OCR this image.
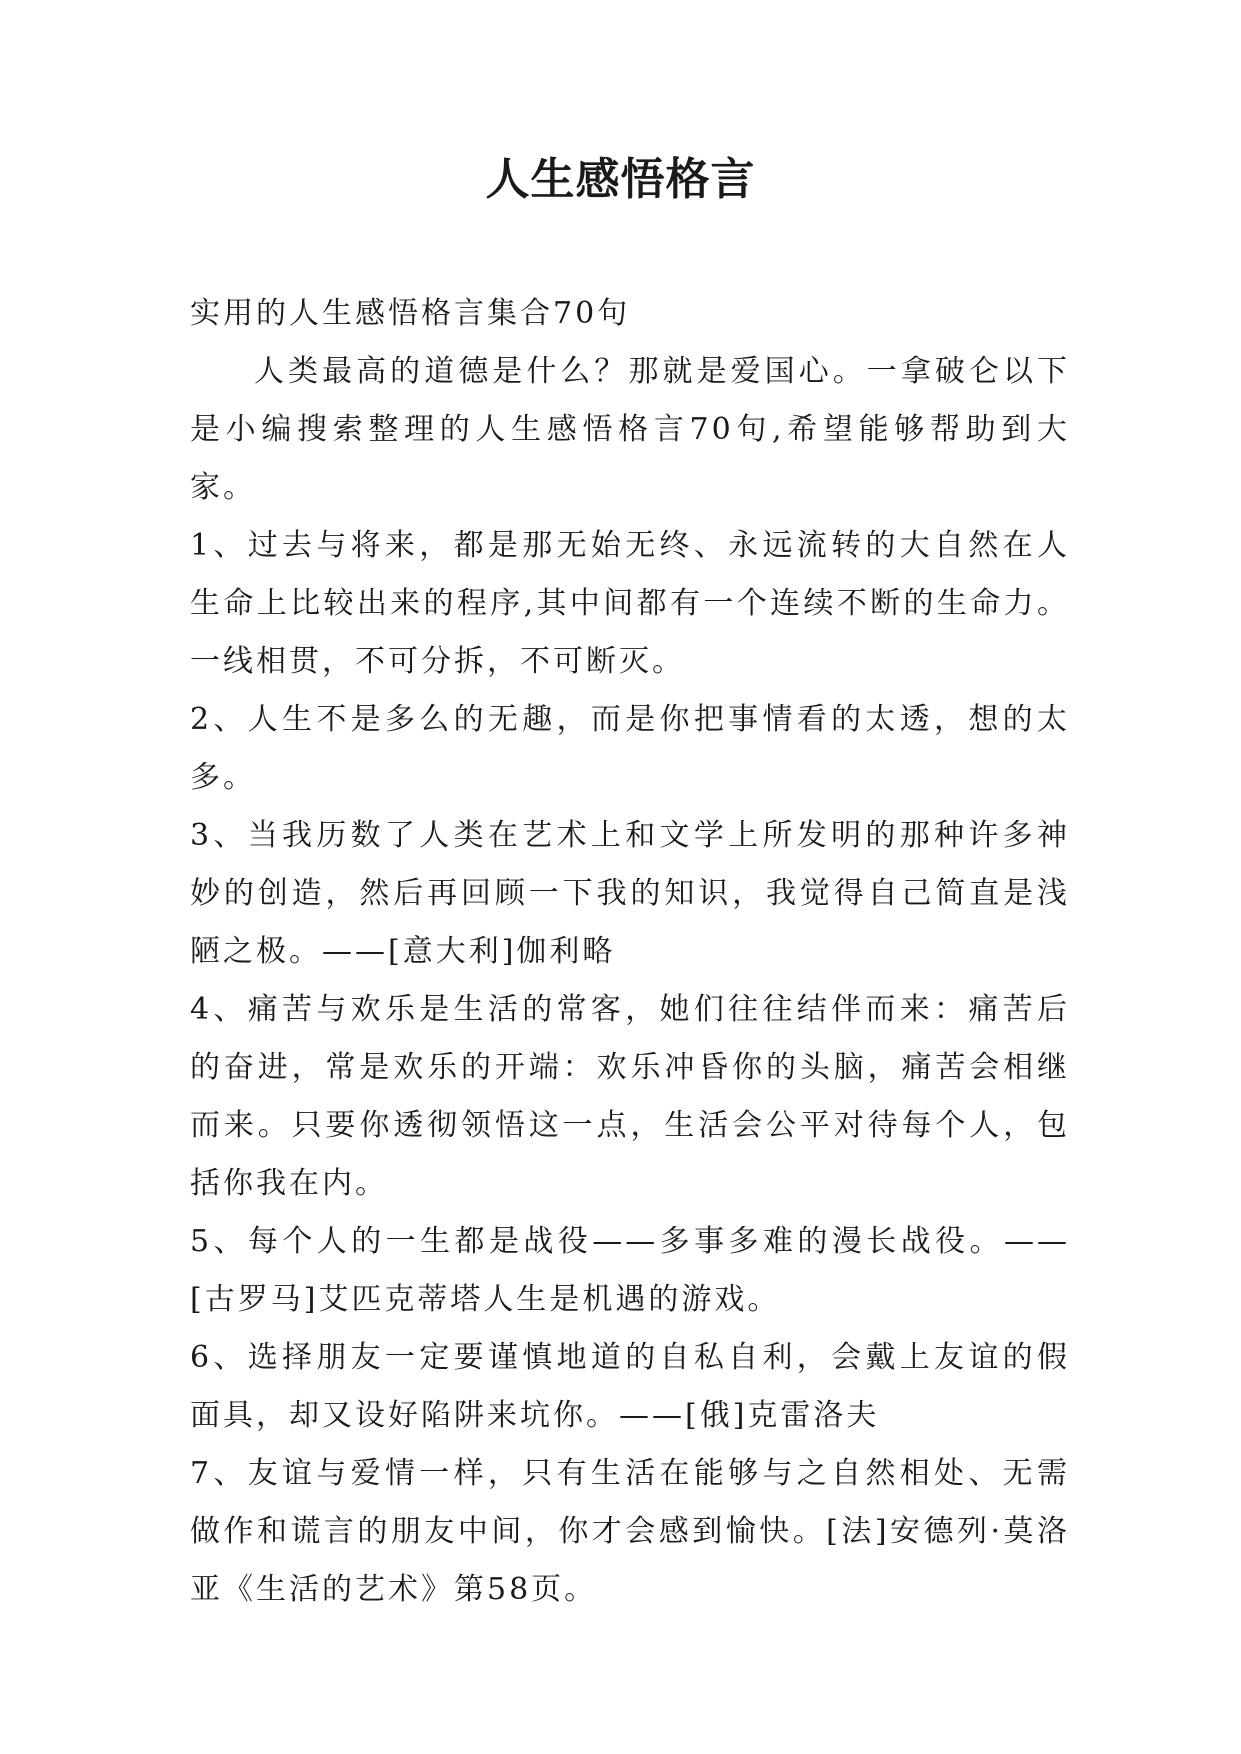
人生感悟格言

实用的人生感悟格言集合70句

人类最高的道德是什么？那就是爱国心。一拿破仑以下是小编搜索整理的人生感悟格言70句,希望能够帮助到大家。

1、过去与将来，都是那无始无终、永远流转的大自然在人生命上比较出来的程序,其中间都有一个连续不断的生命力。一线相贯，不可分拆，不可断灭。

2、人生不是多么的无趣，而是你把事情看的太透，想的太多。

3、当我历数了人类在艺术上和文学上所发明的那种许多神妙的创造，然后再回顾一下我的知识，我觉得自己简直是浅陋之极。——[意大利]伽利略

4、痛苦与欢乐是生活的常客，她们往往结伴而来：痛苦后的奋进，常是欢乐的开端：欢乐冲昏你的头脑，痛苦会相继而来。只要你透彻领悟这一点，生活会公平对待每个人，包括你我在内。

5、每个人的一生都是战役——多事多难的漫长战役。——[古罗马]艾匹克蒂塔人生是机遇的游戏。

6、选择朋友一定要谨慎地道的自私自利，会戴上友谊的假面具，却又设好陷阱来坑你。——[俄]克雷洛夫

7、友谊与爱情一样，只有生活在能够与之自然相处、无需做作和谎言的朋友中间，你才会感到愉快。[法]安德列·莫洛亚《生活的艺术》第58页。
